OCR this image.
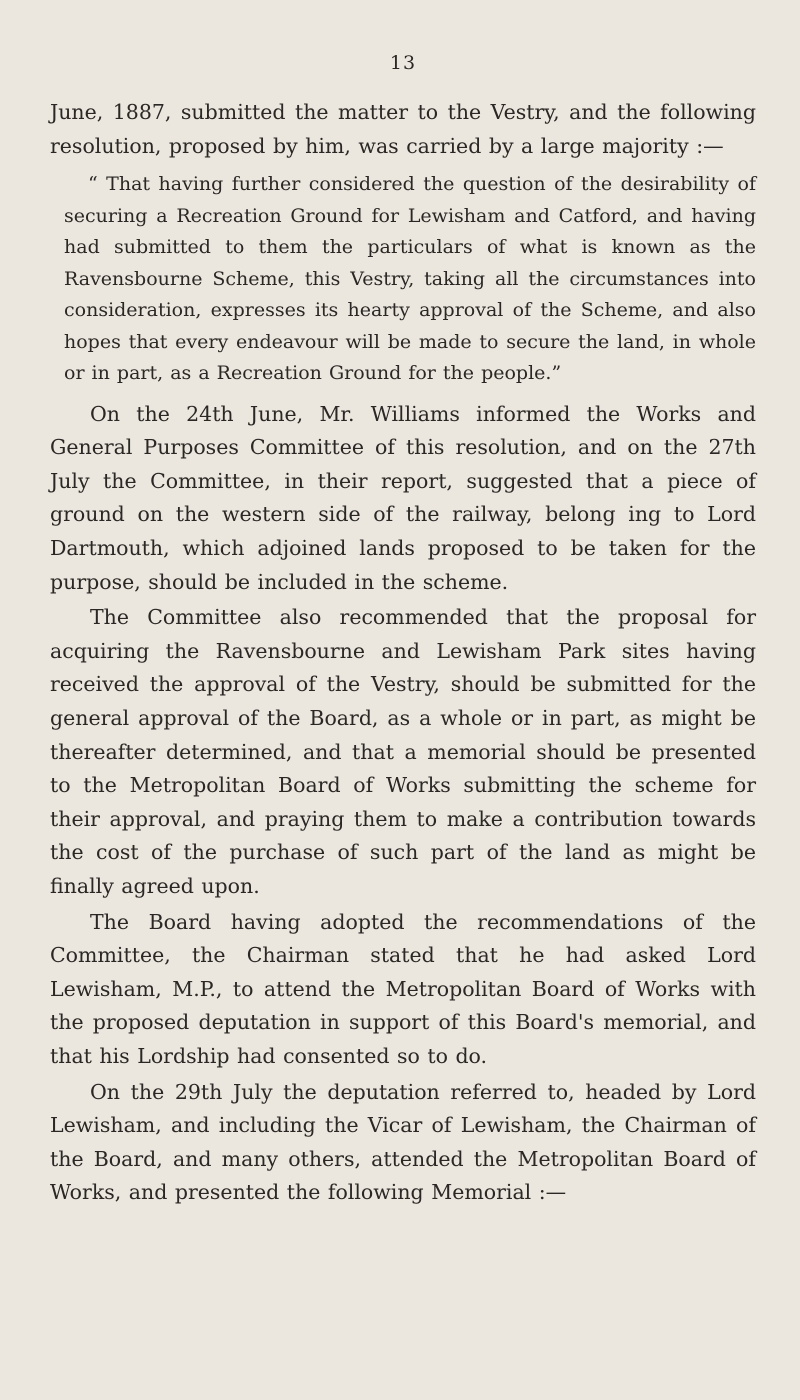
13

June, 1887, submitted the matter to the Vestry, and the following resolution, proposed by him, was carried by a large majority :—

“ That having further considered the question of the desirability of securing a Recreation Ground for Lewisham and Catford, and having had submitted to them the particulars of what is known as the Ravensbourne Scheme, this Vestry, taking all the circumstances into consideration, expresses its hearty approval of the Scheme, and also hopes that every endeavour will be made to secure the land, in whole or in part, as a Recreation Ground for the people.”

On the 24th June, Mr. Williams informed the Works and General Purposes Committee of this resolution, and on the 27th July the Committee, in their report, suggested that a piece of ground on the western side of the railway, belong ing to Lord Dartmouth, which adjoined lands proposed to be taken for the purpose, should be included in the scheme.

The Committee also recommended that the proposal for acquiring the Ravensbourne and Lewisham Park sites having received the approval of the Vestry, should be submitted for the general approval of the Board, as a whole or in part, as might be thereafter determined, and that a memorial should be presented to the Metropolitan Board of Works submitting the scheme for their approval, and praying them to make a contribution towards the cost of the purchase of such part of the land as might be finally agreed upon.

The Board having adopted the recommendations of the Committee, the Chairman stated that he had asked Lord Lewisham, M.P., to attend the Metropolitan Board of Works with the proposed deputation in support of this Board's memorial, and that his Lordship had consented so to do.

On the 29th July the deputation referred to, headed by Lord Lewisham, and including the Vicar of Lewisham, the Chairman of the Board, and many others, attended the Metropolitan Board of Works, and presented the following Memorial :—
